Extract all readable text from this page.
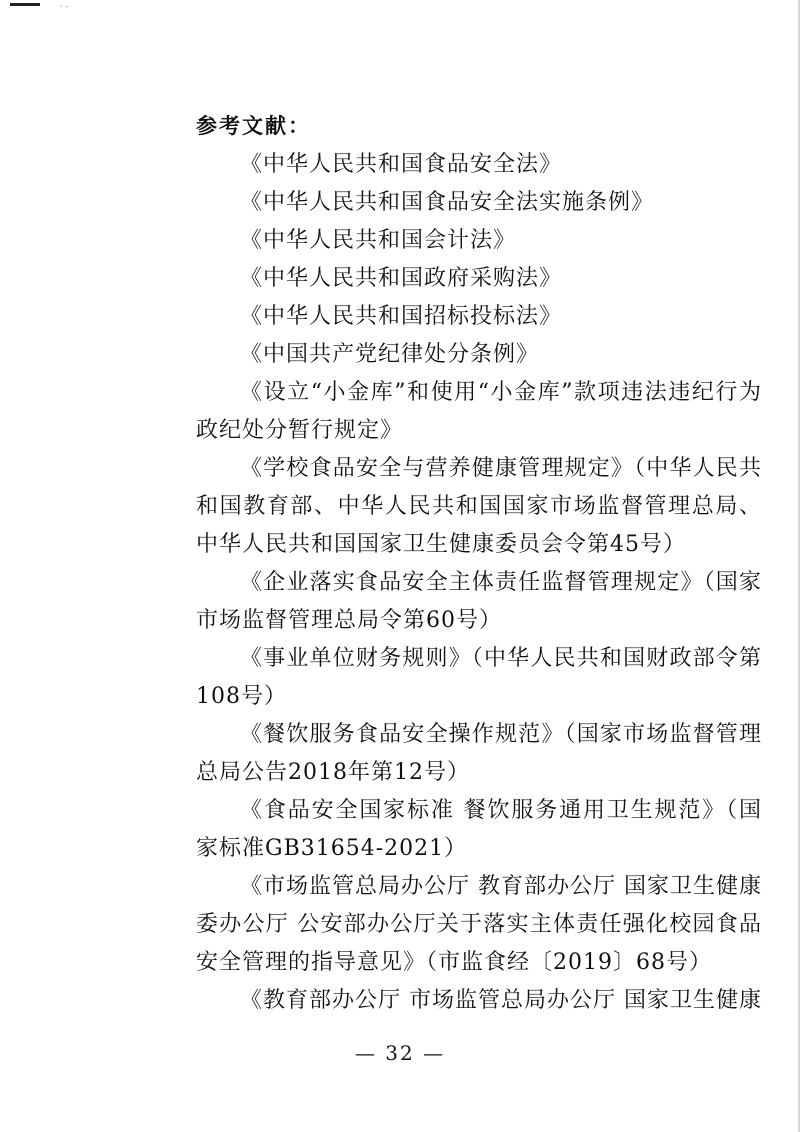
· -
参考文献：

《中华人民共和国食品安全法》

《中华人民共和国食品安全法实施条例》

《中华人民共和国会计法》

《中华人民共和国政府采购法》

《中华人民共和国招标投标法》

《中国共产党纪律处分条例》

《设立“小金库”和使用“小金库”款项违法违纪行为政纪处分暂行规定》

《学校食品安全与营养健康管理规定》（中华人民共和国教育部、中华人民共和国国家市场监督管理总局、中华人民共和国国家卫生健康委员会令第45号）

《企业落实食品安全主体责任监督管理规定》（国家市场监督管理总局令第60号）

《事业单位财务规则》（中华人民共和国财政部令第108号）

《餐饮服务食品安全操作规范》（国家市场监督管理总局公告2018年第12号）

《食品安全国家标准 餐饮服务通用卫生规范》（国家标准GB31654-2021）

《市场监管总局办公厅 教育部办公厅 国家卫生健康委办公厅 公安部办公厅关于落实主体责任强化校园食品安全管理的指导意见》（市监食经〔2019〕68号）

《教育部办公厅 市场监管总局办公厅 国家卫生健康

— 32 —
